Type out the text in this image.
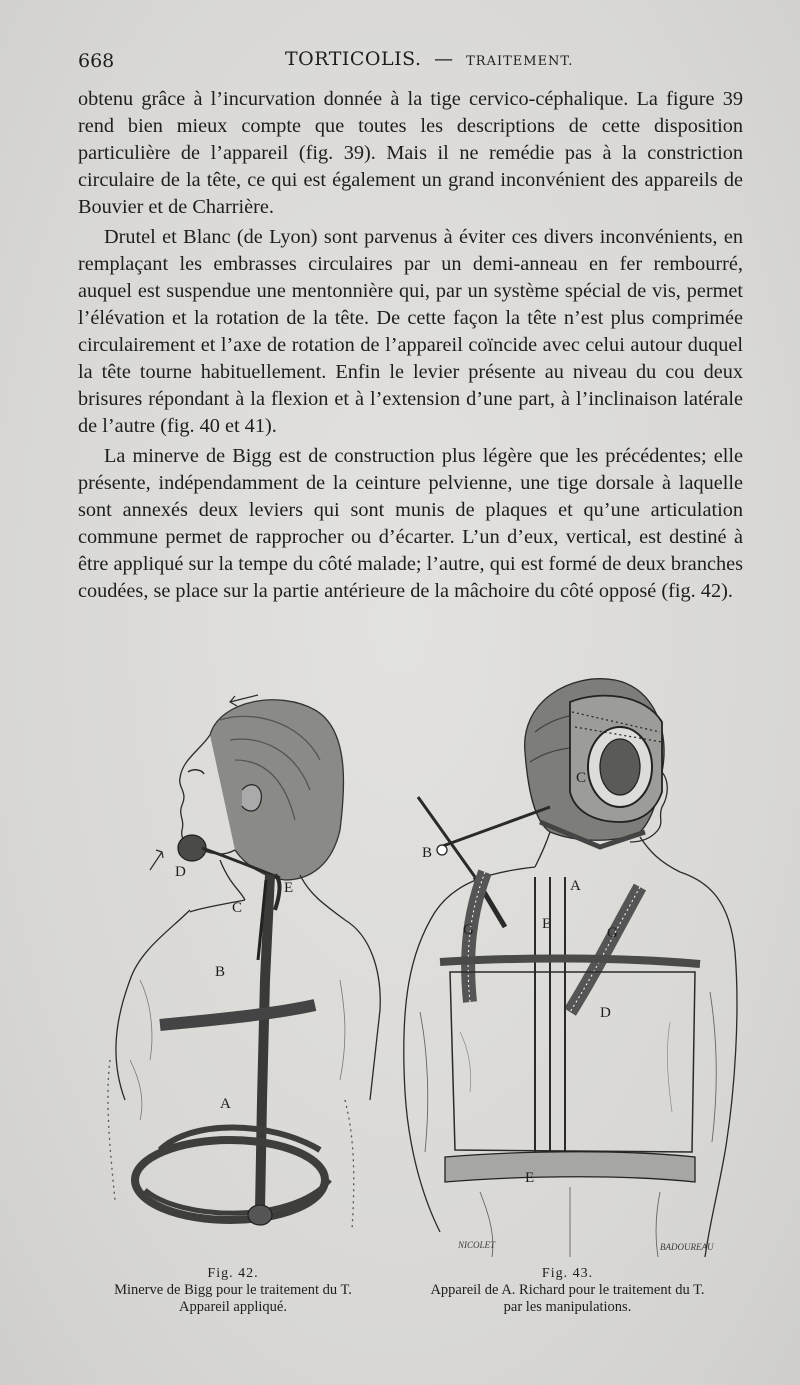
668	TORTICOLIS. — TRAITEMENT.

obtenu grâce à l’incurvation donnée à la tige cervico-céphalique. La figure 39 rend bien mieux compte que toutes les descriptions de cette disposition particulière de l’appareil (fig. 39). Mais il ne remédie pas à la constriction circulaire de la tête, ce qui est également un grand inconvénient des appareils de Bouvier et de Charrière.

Drutel et Blanc (de Lyon) sont parvenus à éviter ces divers inconvénients, en remplaçant les embrasses circulaires par un demi-anneau en fer rembourré, auquel est suspendue une mentonnière qui, par un système spécial de vis, permet l’élévation et la rotation de la tête. De cette façon la tête n’est plus comprimée circulairement et l’axe de rotation de l’appareil coïncide avec celui autour duquel la tête tourne habituellement. Enfin le levier présente au niveau du cou deux brisures répondant à la flexion et à l’extension d’une part, à l’inclinaison latérale de l’autre (fig. 40 et 41).

La minerve de Bigg est de construction plus légère que les précédentes; elle présente, indépendamment de la ceinture pelvienne, une tige dorsale à laquelle sont annexés deux leviers qui sont munis de plaques et qu’une articulation commune permet de rapprocher ou d’écarter. L’un d’eux, vertical, est destiné à être appliqué sur la tempe du côté malade; l’autre, qui est formé de deux branches coudées, se place sur la partie antérieure de la mâchoire du côté opposé (fig. 42).

D
E
C
B
A
C
B
A
G	E
G
D
E
NICOLET	BADOUREAU
Fig. 42.
Minerve de Bigg pour le traitement du T.
Appareil appliqué.
Fig. 43.
Appareil de A. Richard pour le traitement du T.
par les manipulations.
